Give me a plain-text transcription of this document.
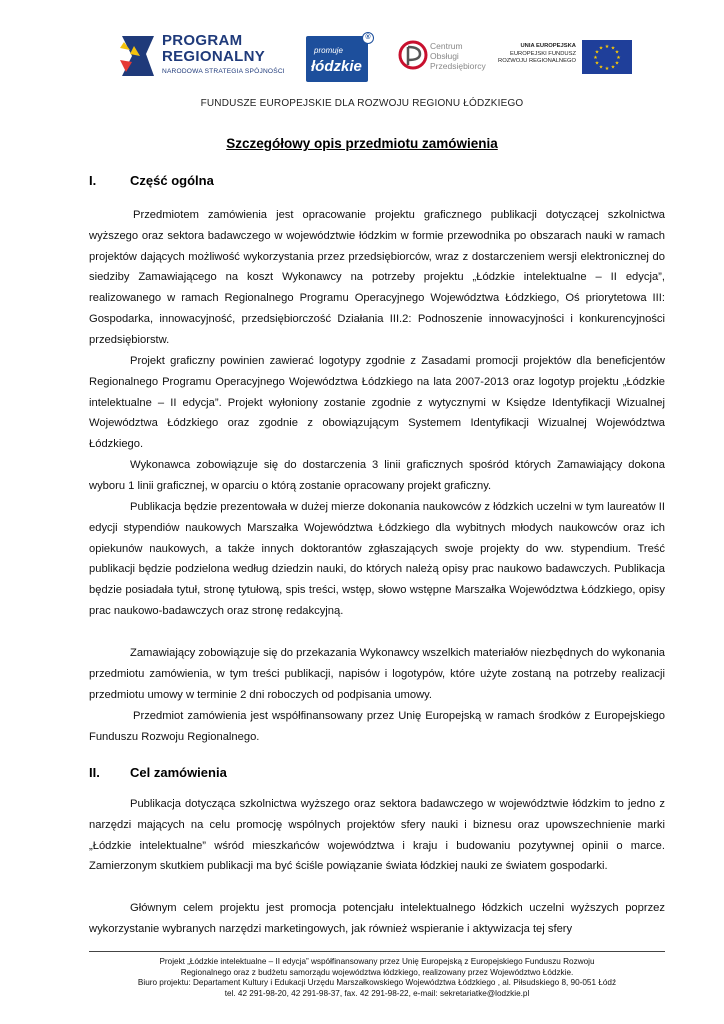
PROGRAM
REGIONALNY
NARODOWA STRATEGIA SPÓJNOŚCI
promuje
łódzkie
®
Centrum
Obsługi
Przedsiębiorcy
UNIA EUROPEJSKA
EUROPEJSKI FUNDUSZ
ROZWOJU REGIONALNEGO
★ ★
★
★
★
★
★
★
★
★
★
★
FUNDUSZE EUROPEJSKIE DLA ROZWOJU REGIONU ŁÓDZKIEGO
Szczegółowy opis przedmiotu zamówienia
I.	Część ogólna
Przedmiotem zamówienia jest opracowanie projektu graficznego publikacji dotyczącej szkolnictwa wyższego oraz sektora badawczego w województwie łódzkim w formie przewodnika po obszarach nauki w ramach projektów dających możliwość wykorzystania przez przedsiębiorców, wraz z dostarczeniem wersji elektronicznej do siedziby Zamawiającego na koszt Wykonawcy na potrzeby projektu „Łódzkie intelektualne – II edycja”, realizowanego w ramach Regionalnego Programu Operacyjnego Województwa Łódzkiego, Oś priorytetowa III: Gospodarka, innowacyjność, przedsiębiorczość Działania III.2: Podnoszenie innowacyjności i konkurencyjności przedsiębiorstw.
Projekt graficzny powinien zawierać logotypy zgodnie z Zasadami promocji projektów dla beneficjentów Regionalnego Programu Operacyjnego Województwa Łódzkiego na lata 2007-2013 oraz logotyp projektu „Łódzkie intelektualne – II edycja”. Projekt wyłoniony zostanie zgodnie z wytycznymi w Księdze Identyfikacji Wizualnej Województwa Łódzkiego oraz zgodnie z obowiązującym Systemem Identyfikacji Wizualnej Województwa Łódzkiego.
Wykonawca zobowiązuje się do dostarczenia 3 linii graficznych spośród których Zamawiający dokona wyboru 1 linii graficznej, w oparciu o którą zostanie opracowany projekt graficzny.
Publikacja będzie prezentowała w dużej mierze dokonania naukowców z łódzkich uczelni w tym laureatów II edycji stypendiów naukowych Marszałka Województwa Łódzkiego dla wybitnych młodych naukowców oraz ich opiekunów naukowych, a także innych doktorantów zgłaszających swoje projekty do ww. stypendium. Treść publikacji będzie podzielona według dziedzin nauki, do których należą opisy prac naukowo badawczych. Publikacja będzie posiadała tytuł, stronę tytułową, spis treści, wstęp, słowo wstępne Marszałka Województwa Łódzkiego, opisy prac naukowo-badawczych oraz stronę redakcyjną.
Zamawiający zobowiązuje się do przekazania Wykonawcy wszelkich materiałów niezbędnych do wykonania przedmiotu zamówienia, w tym treści publikacji, napisów i logotypów, które użyte zostaną na potrzeby realizacji przedmiotu umowy w terminie 2 dni roboczych od podpisania umowy.
Przedmiot zamówienia jest współfinansowany przez Unię Europejską w ramach środków z Europejskiego Funduszu Rozwoju Regionalnego.
II. Cel zamówienia
Publikacja dotycząca szkolnictwa wyższego oraz sektora badawczego w województwie łódzkim to jedno z narzędzi mających na celu promocję wspólnych projektów sfery nauki i biznesu oraz upowszechnienie marki „Łódzkie intelektualne” wśród mieszkańców województwa i kraju i budowaniu pozytywnej opinii o marce. Zamierzonym skutkiem publikacji ma być ściśle powiązanie świata łódzkiej nauki ze światem gospodarki.
Głównym celem projektu jest promocja potencjału intelektualnego łódzkich uczelni wyższych poprzez wykorzystanie wybranych narzędzi marketingowych, jak również wspieranie i aktywizacja tej sfery
Projekt „Łódzkie intelektualne – II edycja” współfinansowany przez Unię Europejską z Europejskiego Funduszu Rozwoju
Regionalnego oraz z budżetu samorządu województwa łódzkiego, realizowany przez Województwo Łódzkie.
Biuro projektu: Departament Kultury i Edukacji Urzędu Marszałkowskiego Województwa Łódzkiego , al. Piłsudskiego 8, 90-051 Łódź
tel. 42 291-98-20, 42 291-98-37, fax. 42 291-98-22, e-mail: sekretariatke@lodzkie.pl
